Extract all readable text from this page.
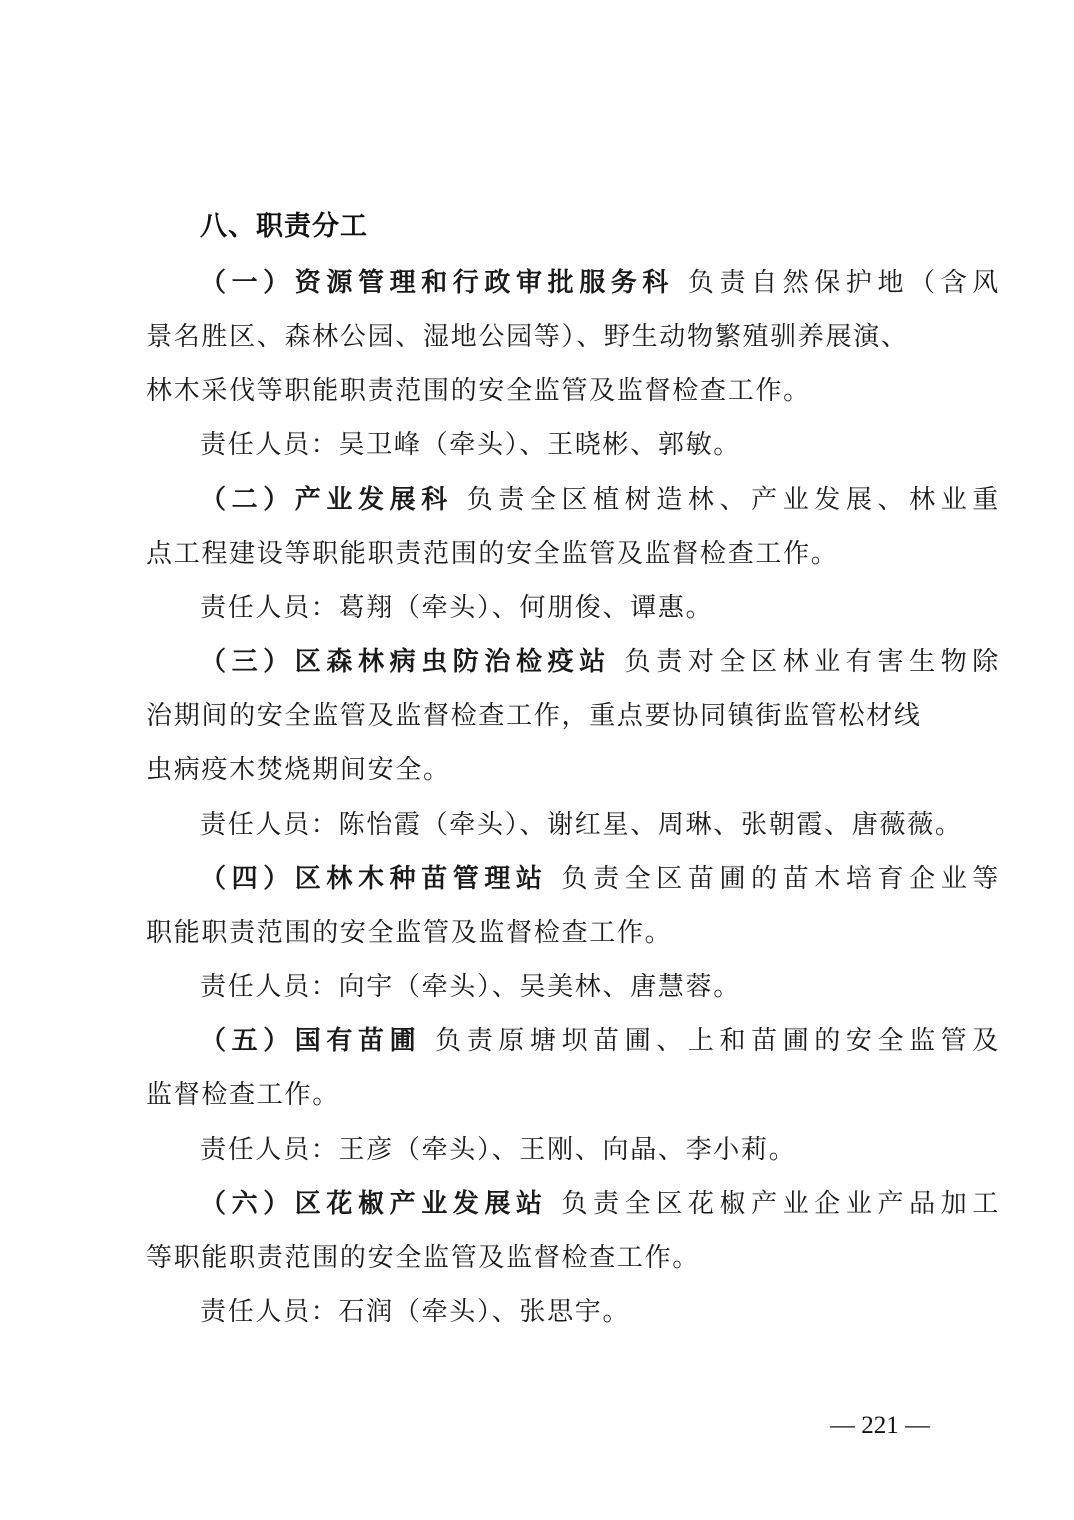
八、职责分工
（一）资源管理和行政审批服务科 负责自然保护地（含风
景名胜区、森林公园、湿地公园等）、野生动物繁殖驯养展演、
林木采伐等职能职责范围的安全监管及监督检查工作。
责任人员：吴卫峰（牵头）、王晓彬、郭敏。
（二）产业发展科 负责全区植树造林、产业发展、林业重
点工程建设等职能职责范围的安全监管及监督检查工作。
责任人员：葛翔（牵头）、何朋俊、谭惠。
（三）区森林病虫防治检疫站 负责对全区林业有害生物除
治期间的安全监管及监督检查工作，重点要协同镇街监管松材线
虫病疫木焚烧期间安全。
责任人员：陈怡霞（牵头）、谢红星、周琳、张朝霞、唐薇薇。
（四）区林木种苗管理站 负责全区苗圃的苗木培育企业等
职能职责范围的安全监管及监督检查工作。
责任人员：向宇（牵头）、吴美林、唐慧蓉。
（五）国有苗圃 负责原塘坝苗圃、上和苗圃的安全监管及
监督检查工作。
责任人员：王彦（牵头）、王刚、向晶、李小莉。
（六）区花椒产业发展站 负责全区花椒产业企业产品加工
等职能职责范围的安全监管及监督检查工作。
责任人员：石润（牵头）、张思宇。
— 221 —
